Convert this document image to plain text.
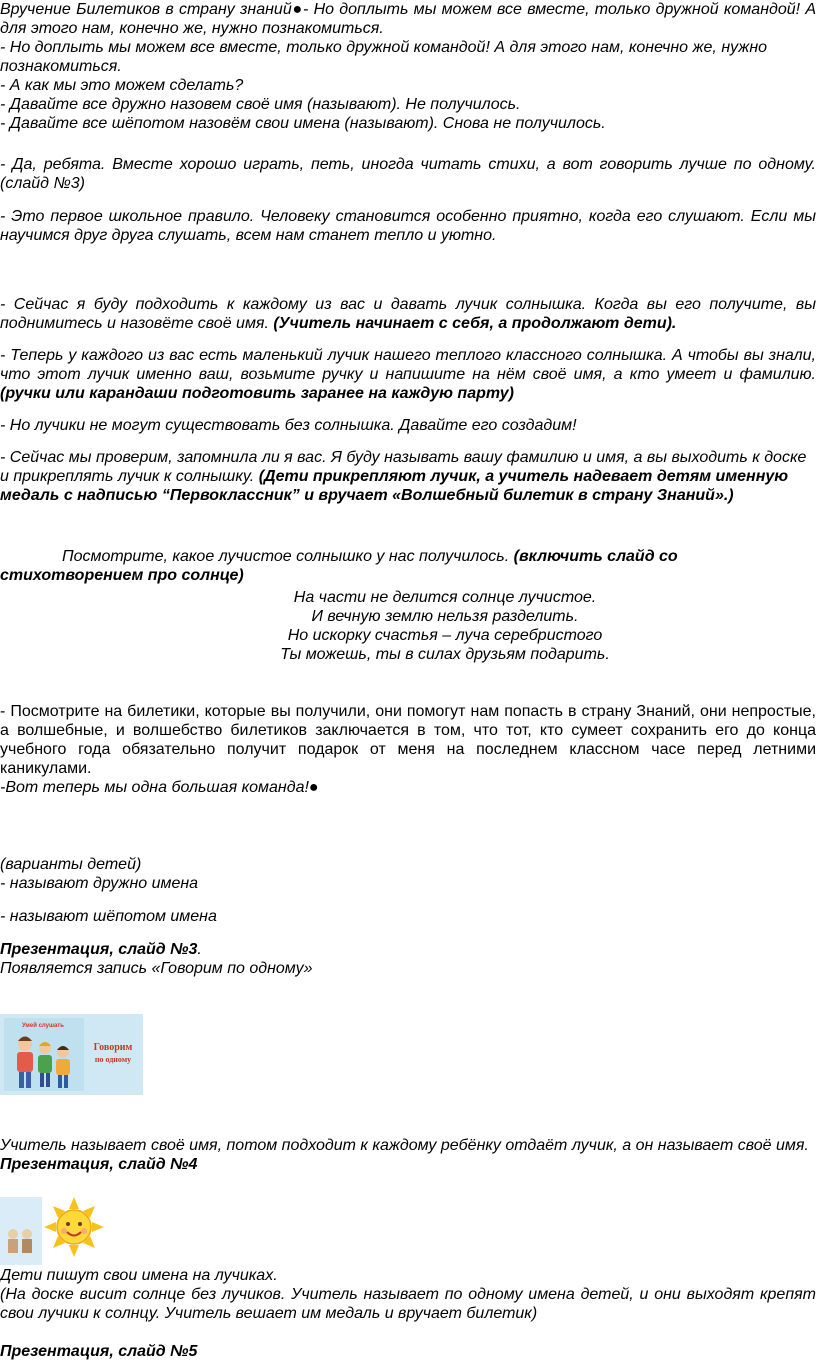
Вручение Билетиков в страну знаний●- Но доплыть мы можем все вместе, только дружной командой! А для этого нам, конечно же, нужно познакомиться.

- Но доплыть мы можем все вместе, только дружной командой! А для этого нам, конечно же, нужно познакомиться.

- А как мы это можем сделать?

- Давайте все дружно назовем своё имя (называют). Не получилось.

- Давайте все шёпотом назовём свои имена (называют). Снова не получилось.

- Да, ребята. Вместе хорошо играть, петь, иногда читать стихи, а вот говорить лучше по одному. (слайд №3)

- Это первое школьное правило. Человеку становится особенно приятно, когда его слушают. Если мы научимся друг друга слушать, всем нам станет тепло и уютно.

- Сейчас я буду подходить к каждому из вас и давать лучик солнышка. Когда вы его получите, вы поднимитесь и назовёте своё имя. (Учитель начинает с себя, а продолжают дети).

- Теперь у каждого из вас есть маленький лучик нашего теплого классного солнышка. А чтобы вы знали, что этот лучик именно ваш, возьмите ручку и напишите на нём своё имя, а кто умеет и фамилию. (ручки или карандаши подготовить заранее на каждую парту)

- Но лучики не могут существовать без солнышка. Давайте его создадим!

- Сейчас мы проверим, запомнила ли я вас. Я буду называть вашу фамилию и имя, а вы выходить к доске и прикреплять лучик к солнышку. (Дети прикрепляют лучик, а учитель надевает детям именную медаль с надписью “Первоклассник” и вручает «Волшебный билетик в страну Знаний».)

Посмотрите, какое лучистое солнышко у нас получилось. (включить слайд со стихотворением про солнце)

На части не делится солнце лучистое.

И вечную землю нельзя разделить.

Но искорку счастья – луча серебристого

Ты можешь, ты в силах друзьям подарить.

- Посмотрите на билетики, которые вы получили, они помогут нам попасть в страну Знаний, они непростые, а волшебные, и волшебство билетиков заключается в том, что тот, кто сумеет сохранить его до конца учебного года обязательно получит подарок от меня на последнем классном часе перед летними каникулами.

-Вот теперь мы одна большая команда!●

(варианты детей)

- называют дружно имена

- называют шёпотом имена

Презентация, слайд №3.

Появляется запись «Говорим по одному»

Умей слушать
Говорим
по одному

Учитель называет своё имя, потом подходит к каждому ребёнку отдаёт лучик, а он называет своё имя.

Презентация, слайд №4

Дети пишут свои имена на лучиках.

(На доске висит солнце без лучиков. Учитель называет по одному имена детей, и они выходят крепят свои лучики к солнцу. Учитель вешает им медаль и вручает билетик)

Презентация, слайд №5
